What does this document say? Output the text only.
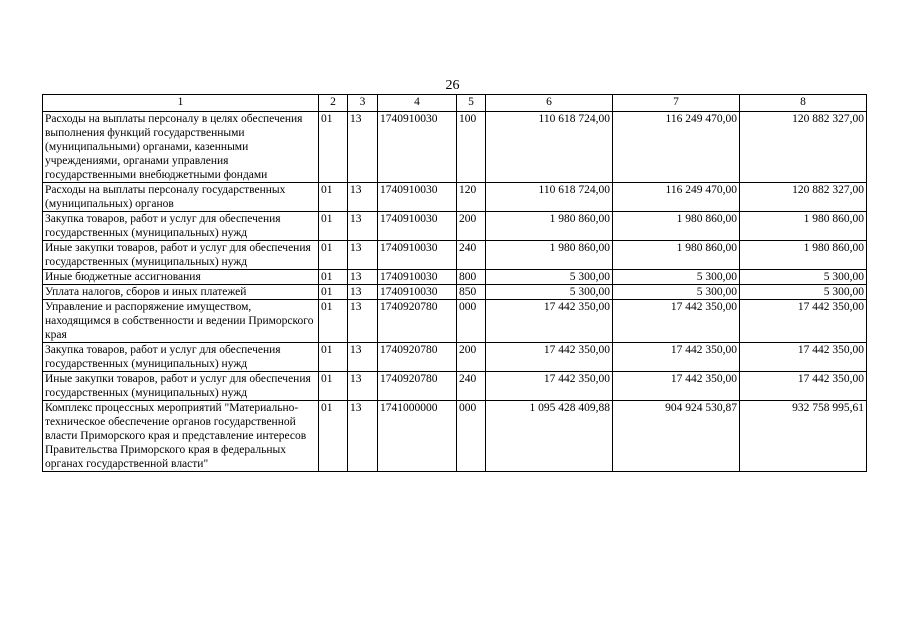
26
1	2	3	4	5	6	7	8
Расходы на выплаты персоналу в целях обеспечения выполнения функций государственными (муниципальными) органами, казенными учреждениями, органами управления государственными внебюджетными фондами	01	13	1740910030	100	110 618 724,00	116 249 470,00	120 882 327,00
Расходы на выплаты персоналу государственных (муниципальных) органов	01	13	1740910030	120	110 618 724,00	116 249 470,00	120 882 327,00
Закупка товаров, работ и услуг для обеспечения государственных (муниципальных) нужд	01	13	1740910030	200	1 980 860,00	1 980 860,00	1 980 860,00
Иные закупки товаров, работ и услуг для обеспечения государственных (муниципальных) нужд	01	13	1740910030	240	1 980 860,00	1 980 860,00	1 980 860,00
Иные бюджетные ассигнования	01	13	1740910030	800	5 300,00	5 300,00	5 300,00
Уплата налогов, сборов и иных платежей	01	13	1740910030	850	5 300,00	5 300,00	5 300,00
Управление и распоряжение имуществом, находящимся в собственности и ведении Приморского края	01	13	1740920780	000	17 442 350,00	17 442 350,00	17 442 350,00
Закупка товаров, работ и услуг для обеспечения государственных (муниципальных) нужд	01	13	1740920780	200	17 442 350,00	17 442 350,00	17 442 350,00
Иные закупки товаров, работ и услуг для обеспечения государственных (муниципальных) нужд	01	13	1740920780	240	17 442 350,00	17 442 350,00	17 442 350,00
Комплекс процессных мероприятий "Материально-техническое обеспечение органов государственной власти Приморского края и представление интересов Правительства Приморского края в федеральных органах государственной власти"	01	13	1741000000	000	1 095 428 409,88	904 924 530,87	932 758 995,61
